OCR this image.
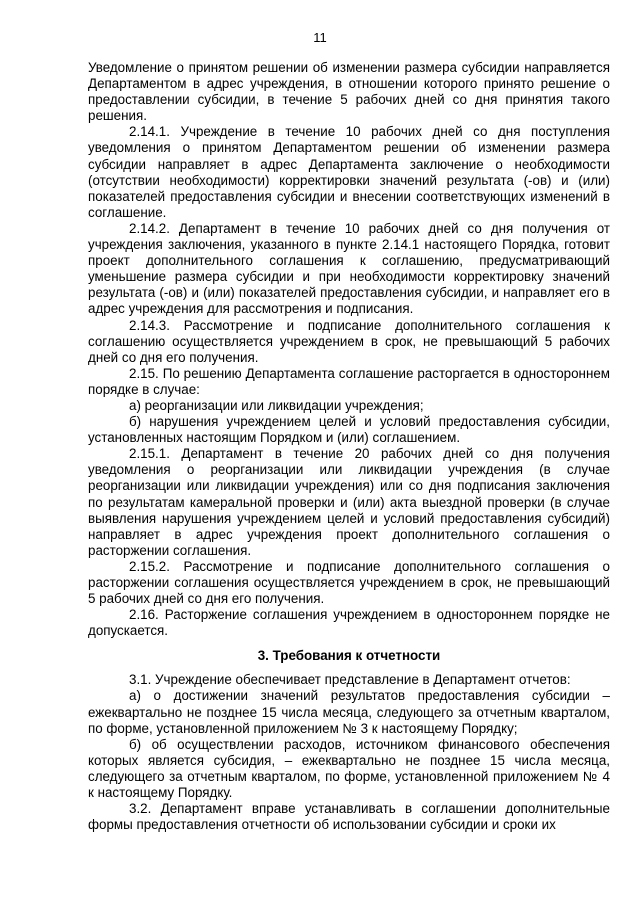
11

Уведомление о принятом решении об изменении размера субсидии направляется Департаментом в адрес учреждения, в отношении которого принято решение о предоставлении субсидии, в течение 5 рабочих дней со дня принятия такого решения.

2.14.1. Учреждение в течение 10 рабочих дней со дня поступления уведомления о принятом Департаментом решении об изменении размера субсидии направляет в адрес Департамента заключение о необходимости (отсутствии необходимости) корректировки значений результата (-ов) и (или) показателей предоставления субсидии и внесении соответствующих изменений в соглашение.

2.14.2. Департамент в течение 10 рабочих дней со дня получения от учреждения заключения, указанного в пункте 2.14.1 настоящего Порядка, готовит проект дополнительного соглашения к соглашению, предусматривающий уменьшение размера субсидии и при необходимости корректировку значений результата (-ов) и (или) показателей предоставления субсидии, и направляет его в адрес учреждения для рассмотрения и подписания.

2.14.3. Рассмотрение и подписание дополнительного соглашения к соглашению осуществляется учреждением в срок, не превышающий 5 рабочих дней со дня его получения.

2.15. По решению Департамента соглашение расторгается в одностороннем порядке в случае:

а) реорганизации или ликвидации учреждения;

б) нарушения учреждением целей и условий предоставления субсидии, установленных настоящим Порядком и (или) соглашением.

2.15.1. Департамент в течение 20 рабочих дней со дня получения уведомления о реорганизации или ликвидации учреждения (в случае реорганизации или ликвидации учреждения) или со дня подписания заключения по результатам камеральной проверки и (или) акта выездной проверки (в случае выявления нарушения учреждением целей и условий предоставления субсидий) направляет в адрес учреждения проект дополнительного соглашения о расторжении соглашения.

2.15.2. Рассмотрение и подписание дополнительного соглашения о расторжении соглашения осуществляется учреждением в срок, не превышающий 5 рабочих дней со дня его получения.

2.16. Расторжение соглашения учреждением в одностороннем порядке не допускается.

3. Требования к отчетности

3.1. Учреждение обеспечивает представление в Департамент отчетов:

а) о достижении значений результатов предоставления субсидии – ежеквартально не позднее 15 числа месяца, следующего за отчетным кварталом, по форме, установленной приложением № 3 к настоящему Порядку;

б) об осуществлении расходов, источником финансового обеспечения которых является субсидия, – ежеквартально не позднее 15 числа месяца, следующего за отчетным кварталом, по форме, установленной приложением № 4 к настоящему Порядку.

3.2. Департамент вправе устанавливать в соглашении дополнительные формы предоставления отчетности об использовании субсидии и сроки их
